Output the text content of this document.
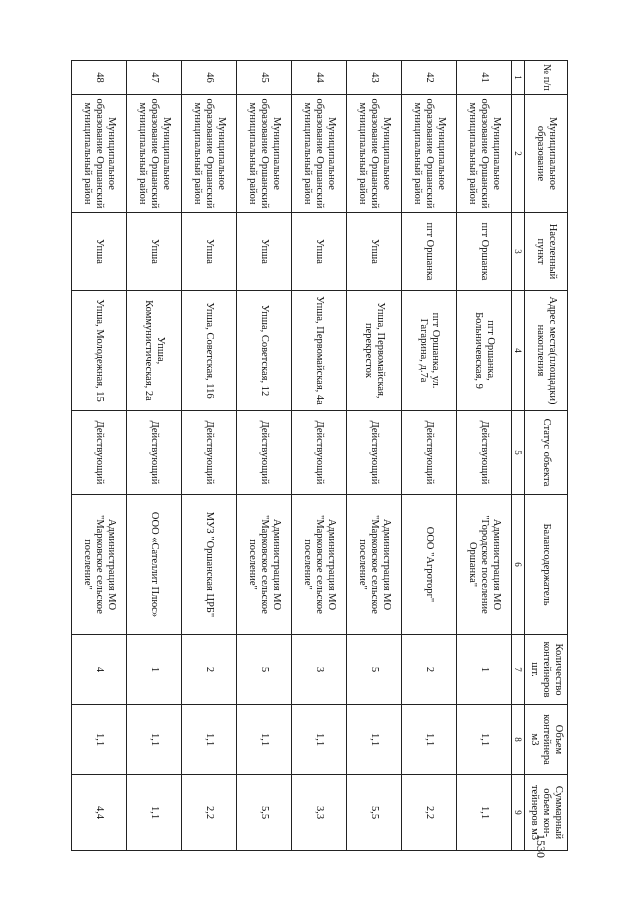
1530
№ п/п	Муниципальное образование	Населенный пункт	Адрес места(площадки) накопления	Статус объекта	Балансодержатель	Количество контейнеров шт.	Объем контейнера м3	Суммарный объем кон-тейнеров м3
1	2	3	4	5	6	7	8	9
41	Муниципальное образование Оршанский муниципальный район	пгт Оршанка	пгт Оршанка, Больничевская, 9	Действующий	Администрация МО "Городское поселение Оршанка"	1	1,1	1,1
42	Муниципальное образование Оршанский муниципальный район	пгт Оршанка	пгт Оршанка, ул. Гагарина, д.7а	Действующий	ООО "Агроторг"	2	1,1	2,2
43	Муниципальное образование Оршанский муниципальный район	Упша	Упша, Первомайская, перекресток	Действующий	Администрация МО "Марковское сельское поселение"	5	1,1	5,5
44	Муниципальное образование Оршанский муниципальный район	Упша	Упша, Первомайская, 4а	Действующий	Администрация МО "Марковское сельское поселение"	3	1,1	3,3
45	Муниципальное образование Оршанский муниципальный район	Упша	Упша, Советская, 12	Действующий	Администрация МО "Марковское сельское поселение"	5	1,1	5,5
46	Муниципальное образование Оршанский муниципальный район	Упша	Упша, Советская, 116	Действующий	МУЗ "Оршанская ЦРБ"	2	1,1	2,2
47	Муниципальное образование Оршанский муниципальный район	Упша	Упша, Коммунистическая, 2а	Действующий	ООО «Сателлит Плюс»	1	1,1	1,1
48	Муниципальное образование Оршанский муниципальный район	Упша	Упша, Молодежная, 15	Действующий	Администрация МО "Марковское сельское поселение"	4	1,1	4,4
